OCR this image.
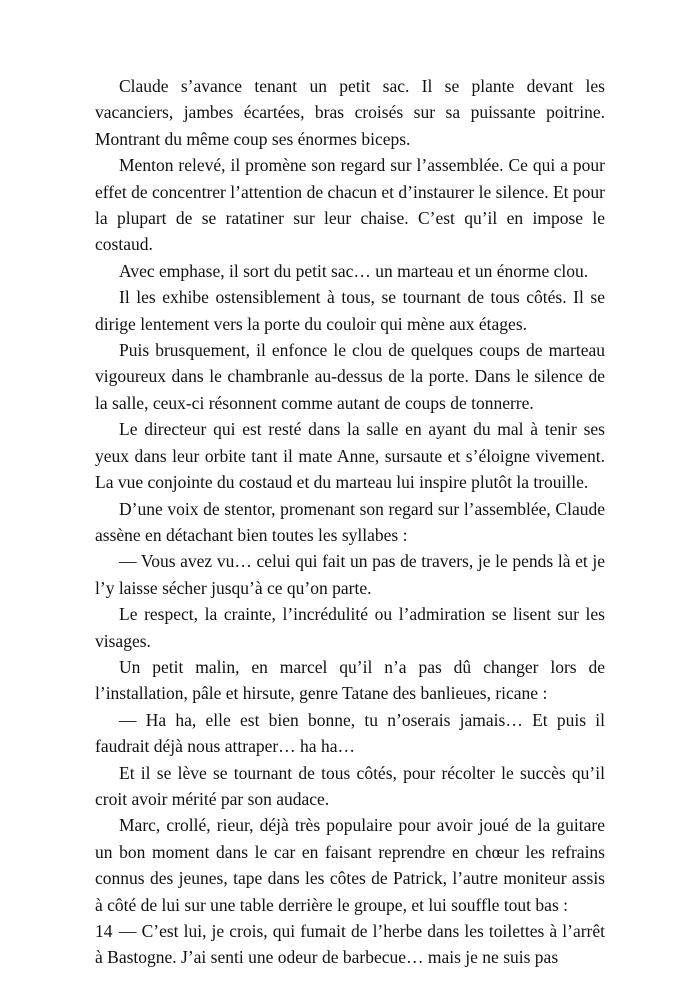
Claude s’avance tenant un petit sac. Il se plante devant les vacanciers, jambes écartées, bras croisés sur sa puissante poitrine. Montrant du même coup ses énormes biceps.

Menton relevé, il promène son regard sur l’assemblée. Ce qui a pour effet de concentrer l’attention de chacun et d’instaurer le silence. Et pour la plupart de se ratatiner sur leur chaise. C’est qu’il en impose le costaud.

Avec emphase, il sort du petit sac… un marteau et un énorme clou.

Il les exhibe ostensiblement à tous, se tournant de tous côtés. Il se dirige lentement vers la porte du couloir qui mène aux étages.

Puis brusquement, il enfonce le clou de quelques coups de marteau vigoureux dans le chambranle au-dessus de la porte. Dans le silence de la salle, ceux-ci résonnent comme autant de coups de tonnerre.

Le directeur qui est resté dans la salle en ayant du mal à tenir ses yeux dans leur orbite tant il mate Anne, sursaute et s’éloigne vivement. La vue conjointe du costaud et du marteau lui inspire plutôt la trouille.

D’une voix de stentor, promenant son regard sur l’assemblée, Claude assène en détachant bien toutes les syllabes :

— Vous avez vu… celui qui fait un pas de travers, je le pends là et je l’y laisse sécher jusqu’à ce qu’on parte.

Le respect, la crainte, l’incrédulité ou l’admiration se lisent sur les visages.

Un petit malin, en marcel qu’il n’a pas dû changer lors de l’installation, pâle et hirsute, genre Tatane des banlieues, ricane :

— Ha ha, elle est bien bonne, tu n’oserais jamais… Et puis il faudrait déjà nous attraper… ha ha…

Et il se lève se tournant de tous côtés, pour récolter le succès qu’il croit avoir mérité par son audace.

Marc, crollé, rieur, déjà très populaire pour avoir joué de la guitare un bon moment dans le car en faisant reprendre en chœur les refrains connus des jeunes, tape dans les côtes de Patrick, l’autre moniteur assis à côté de lui sur une table derrière le groupe, et lui souffle tout bas :

— C’est lui, je crois, qui fumait de l’herbe dans les toilettes à l’arrêt à Bastogne. J’ai senti une odeur de barbecue… mais je ne suis pas

14
